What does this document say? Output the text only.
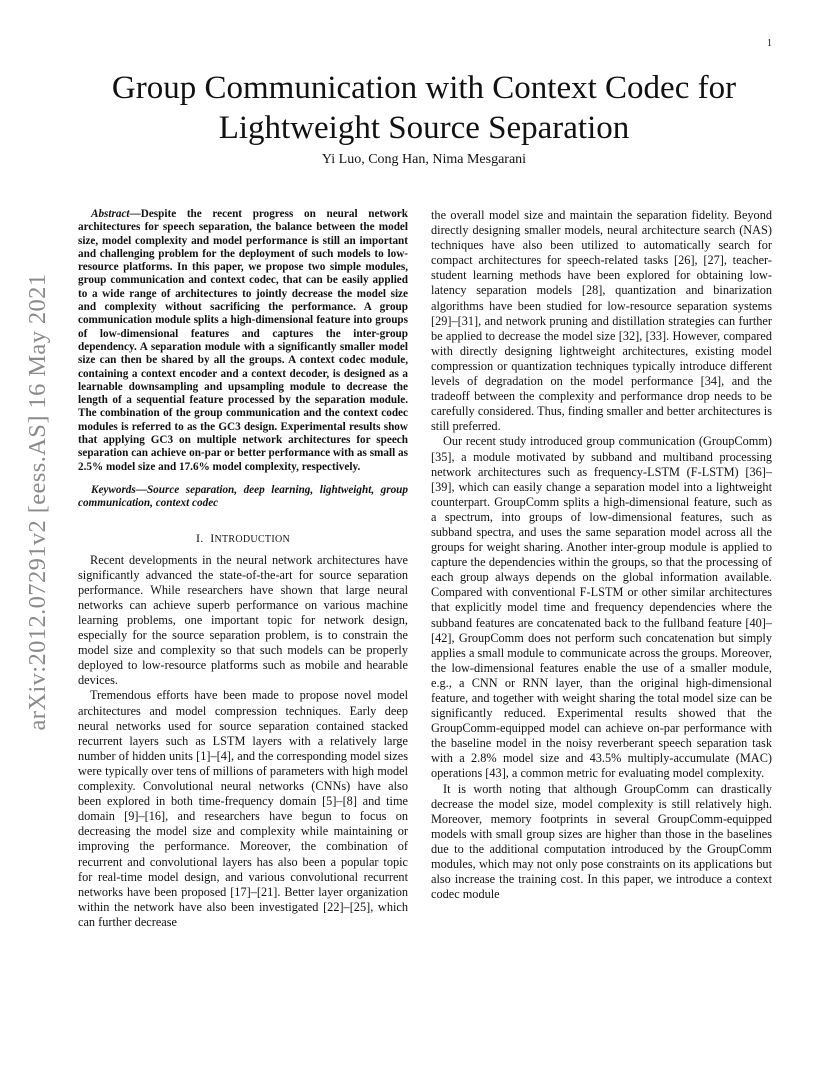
1
arXiv:2012.07291v2 [eess.AS] 16 May 2021
Group Communication with Context Codec for
Lightweight Source Separation
Yi Luo, Cong Han, Nima Mesgarani

Abstract—Despite the recent progress on neural network architectures for speech separation, the balance between the model size, model complexity and model performance is still an important and challenging problem for the deployment of such models to low-resource platforms. In this paper, we propose two simple modules, group communication and context codec, that can be easily applied to a wide range of architectures to jointly decrease the model size and complexity without sacrificing the performance. A group communication module splits a high-dimensional feature into groups of low-dimensional features and captures the inter-group dependency. A separation module with a significantly smaller model size can then be shared by all the groups. A context codec module, containing a context encoder and a context decoder, is designed as a learnable downsampling and upsampling module to decrease the length of a sequential feature processed by the separation module. The combination of the group communication and the context codec modules is referred to as the GC3 design. Experimental results show that applying GC3 on multiple network architectures for speech separation can achieve on-par or better performance with as small as 2.5% model size and 17.6% model complexity, respectively.

Keywords—Source separation, deep learning, lightweight, group communication, context codec

I. INTRODUCTION

Recent developments in the neural network architectures have significantly advanced the state-of-the-art for source separation performance. While researchers have shown that large neural networks can achieve superb performance on various machine learning problems, one important topic for network design, especially for the source separation problem, is to constrain the model size and complexity so that such models can be properly deployed to low-resource platforms such as mobile and hearable devices.

Tremendous efforts have been made to propose novel model architectures and model compression techniques. Early deep neural networks used for source separation contained stacked recurrent layers such as LSTM layers with a relatively large number of hidden units [1]–[4], and the corresponding model sizes were typically over tens of millions of parameters with high model complexity. Convolutional neural networks (CNNs) have also been explored in both time-frequency domain [5]–[8] and time domain [9]–[16], and researchers have begun to focus on decreasing the model size and complexity while maintaining or improving the performance. Moreover, the combination of recurrent and convolutional layers has also been a popular topic for real-time model design, and various convolutional recurrent networks have been proposed [17]–[21]. Better layer organization within the network have also been investigated [22]–[25], which can further decrease

the overall model size and maintain the separation fidelity. Beyond directly designing smaller models, neural architecture search (NAS) techniques have also been utilized to automatically search for compact architectures for speech-related tasks [26], [27], teacher-student learning methods have been explored for obtaining low-latency separation models [28], quantization and binarization algorithms have been studied for low-resource separation systems [29]–[31], and network pruning and distillation strategies can further be applied to decrease the model size [32], [33]. However, compared with directly designing lightweight architectures, existing model compression or quantization techniques typically introduce different levels of degradation on the model performance [34], and the tradeoff between the complexity and performance drop needs to be carefully considered. Thus, finding smaller and better architectures is still preferred.

Our recent study introduced group communication (GroupComm) [35], a module motivated by subband and multiband processing network architectures such as frequency-LSTM (F-LSTM) [36]–[39], which can easily change a separation model into a lightweight counterpart. GroupComm splits a high-dimensional feature, such as a spectrum, into groups of low-dimensional features, such as subband spectra, and uses the same separation model across all the groups for weight sharing. Another inter-group module is applied to capture the dependencies within the groups, so that the processing of each group always depends on the global information available. Compared with conventional F-LSTM or other similar architectures that explicitly model time and frequency dependencies where the subband features are concatenated back to the fullband feature [40]–[42], GroupComm does not perform such concatenation but simply applies a small module to communicate across the groups. Moreover, the low-dimensional features enable the use of a smaller module, e.g., a CNN or RNN layer, than the original high-dimensional feature, and together with weight sharing the total model size can be significantly reduced. Experimental results showed that the GroupComm-equipped model can achieve on-par performance with the baseline model in the noisy reverberant speech separation task with a 2.8% model size and 43.5% multiply-accumulate (MAC) operations [43], a common metric for evaluating model complexity.

It is worth noting that although GroupComm can drastically decrease the model size, model complexity is still relatively high. Moreover, memory footprints in several GroupComm-equipped models with small group sizes are higher than those in the baselines due to the additional computation introduced by the GroupComm modules, which may not only pose constraints on its applications but also increase the training cost. In this paper, we introduce a context codec module
